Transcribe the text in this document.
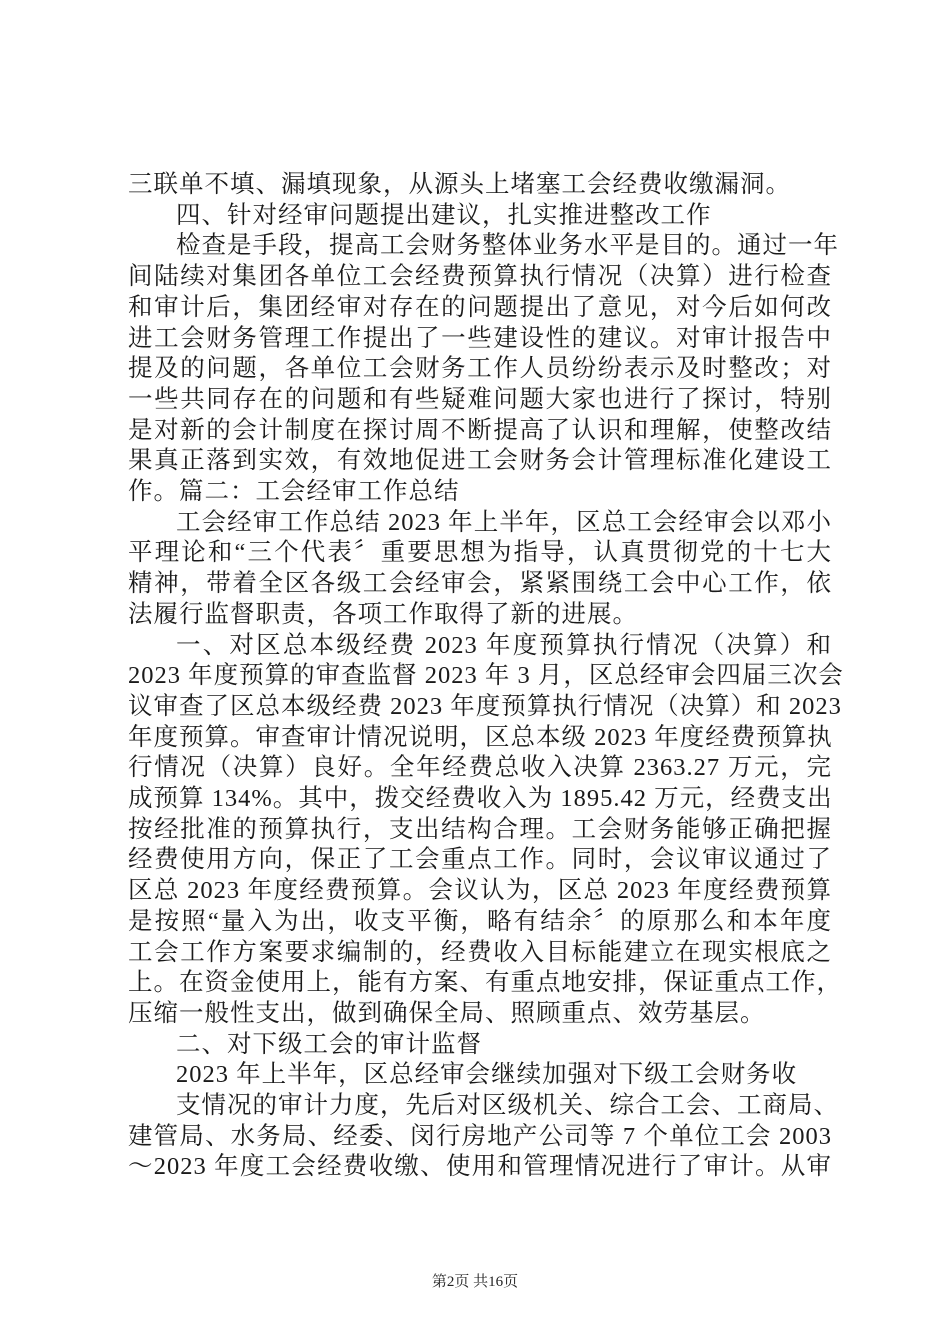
第2页 共16页
三联单不填、漏填现象，从源头上堵塞工会经费收缴漏洞。
四、针对经审问题提出建议，扎实推进整改工作
检查是手段，提高工会财务整体业务水平是目的。通过一年
间陆续对集团各单位工会经费预算执行情况（决算）进行检查
和审计后，集团经审对存在的问题提出了意见，对今后如何改
进工会财务管理工作提出了一些建设性的建议。对审计报告中
提及的问题，各单位工会财务工作人员纷纷表示及时整改；对
一些共同存在的问题和有些疑难问题大家也进行了探讨，特别
是对新的会计制度在探讨周不断提高了认识和理解，使整改结
果真正落到实效，有效地促进工会财务会计管理标准化建设工
作。篇二：工会经审工作总结
工会经审工作总结 2023 年上半年，区总工会经审会以邓小
平理论和“三个代表〞重要思想为指导，认真贯彻党的十七大
精神，带着全区各级工会经审会，紧紧围绕工会中心工作，依
法履行监督职责，各项工作取得了新的进展。
一、对区总本级经费 2023 年度预算执行情况（决算）和
2023 年度预算的审查监督 2023 年 3 月，区总经审会四届三次会
议审查了区总本级经费 2023 年度预算执行情况（决算）和 2023
年度预算。审查审计情况说明，区总本级 2023 年度经费预算执
行情况（决算）良好。全年经费总收入决算 2363.27 万元，完
成预算 134%。其中，拨交经费收入为 1895.42 万元，经费支出
按经批准的预算执行，支出结构合理。工会财务能够正确把握
经费使用方向，保正了工会重点工作。同时，会议审议通过了
区总 2023 年度经费预算。会议认为，区总 2023 年度经费预算
是按照“量入为出，收支平衡，略有结余〞的原那么和本年度
工会工作方案要求编制的，经费收入目标能建立在现实根底之
上。在资金使用上，能有方案、有重点地安排，保证重点工作，
压缩一般性支出，做到确保全局、照顾重点、效劳基层。
二、对下级工会的审计监督
2023 年上半年，区总经审会继续加强对下级工会财务收
支情况的审计力度，先后对区级机关、综合工会、工商局、
建管局、水务局、经委、闵行房地产公司等 7 个单位工会 2003
～2023 年度工会经费收缴、使用和管理情况进行了审计。从审
